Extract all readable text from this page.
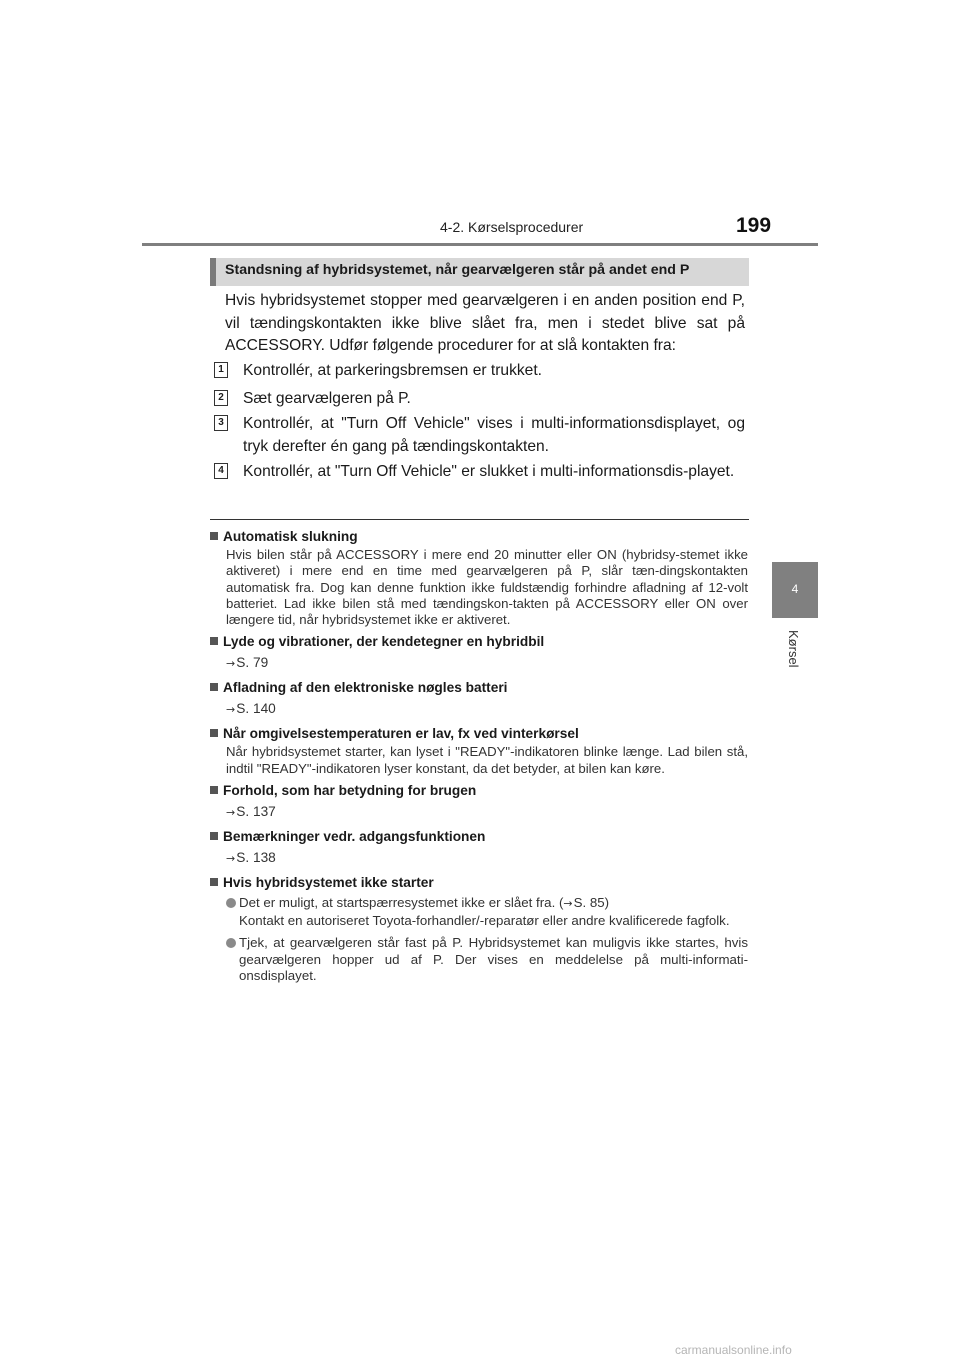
4-2. Kørselsprocedurer	199
4
Kørsel
Standsning af hybridsystemet, når gearvælgeren står på andet end P

Hvis hybridsystemet stopper med gearvælgeren i en anden position end P, vil tændingskontakten ikke blive slået fra, men i stedet blive sat på ACCESSORY. Udfør følgende procedurer for at slå kontakten fra:

1 Kontrollér, at parkeringsbremsen er trukket.

2 Sæt gearvælgeren på P.

3 Kontrollér, at "Turn Off Vehicle" vises i multi-informationsdisplayet, og tryk derefter én gang på tændingskontakten.

4 Kontrollér, at "Turn Off Vehicle" er slukket i multi-informationsdis-playet.

Automatisk slukning

Hvis bilen står på ACCESSORY i mere end 20 minutter eller ON (hybridsy-stemet ikke aktiveret) i mere end en time med gearvælgeren på P, slår tæn-dingskontakten automatisk fra. Dog kan denne funktion ikke fuldstændig forhindre afladning af 12-volt batteriet. Lad ikke bilen stå med tændingskon-takten på ACCESSORY eller ON over længere tid, når hybridsystemet ikke er aktiveret.

Lyde og vibrationer, der kendetegner en hybridbil
→S. 79
Afladning af den elektroniske nøgles batteri
→S. 140
Når omgivelsestemperaturen er lav, fx ved vinterkørsel

Når hybridsystemet starter, kan lyset i "READY"-indikatoren blinke længe. Lad bilen stå, indtil "READY"-indikatoren lyser konstant, da det betyder, at bilen kan køre.

Forhold, som har betydning for brugen
→S. 137
Bemærkninger vedr. adgangsfunktionen
→S. 138
Hvis hybridsystemet ikke starter

Det er muligt, at startspærresystemet ikke er slået fra. (→S. 85)

Kontakt en autoriseret Toyota-forhandler/-reparatør eller andre kvalificerede fagfolk.

Tjek, at gearvælgeren står fast på P. Hybridsystemet kan muligvis ikke startes, hvis gearvælgeren hopper ud af P. Der vises en meddelelse på multi-informati-onsdisplayet.

carmanualsonline.info
